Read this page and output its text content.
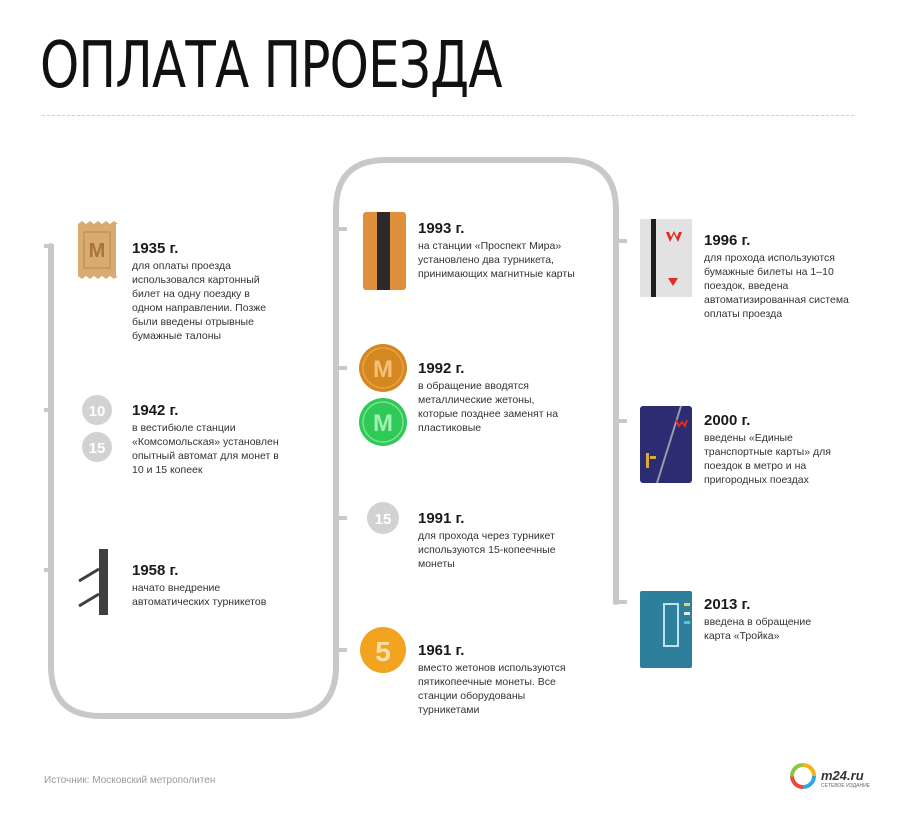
ОПЛАТА ПРОЕЗДА
М
10
15
М
М
15
5
1935 г.
для оплаты проезда использовался картонный билет на одну поездку в одном направлении. Позже были введены отрывные бумажные талоны
1942 г.
в вестибюле станции «Комсомольская» установлен опытный автомат для монет в 10 и 15 копеек
1958 г.
начато внедрение автоматических турникетов
1961 г.
вместо жетонов используются пятикопеечные монеты. Все станции оборудованы турникетами
1991 г.
для прохода через турникет используются 15-копеечные монеты
1992 г.
в обращение вводятся металлические жетоны, которые позднее заменят на пластиковые
1993 г.
на станции «Проспект Мира» установлено два турникета, принимающих магнитные карты
1996 г.
для прохода используются бумажные билеты на 1–10 поездок, введена автоматизированная система оплаты проезда
2000 г.
введены «Единые транспортные карты» для поездок в метро и на пригородных поездах
2013 г.
введена в обращение карта «Тройка»
Источник: Московский метрополитен	m24.ru
СЕТЕВОЕ ИЗДАНИЕ
